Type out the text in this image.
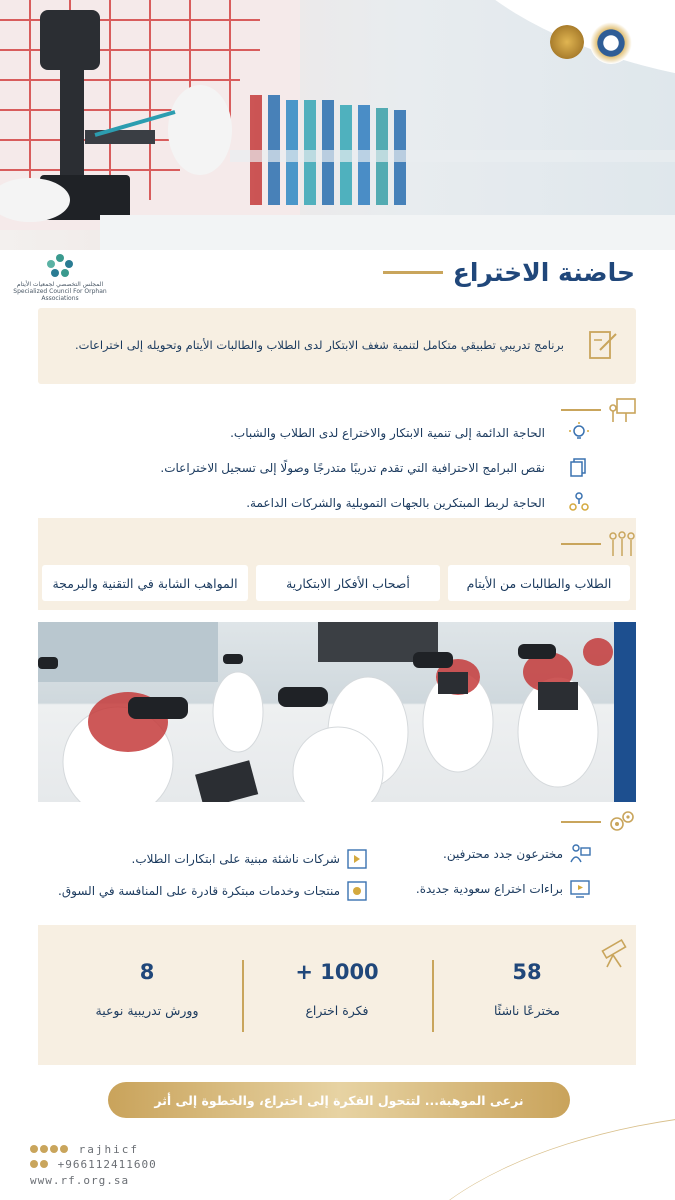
المجلس التخصصي لجمعيات الأيتام
Specialized Council For Orphan Associations
حاضنة الاختراع
برنامج تدريبي تطبيقي متكامل لتنمية شغف الابتكار لدى الطلاب والطالبات الأيتام وتحويله إلى اختراعات.
الحاجة الدائمة إلى تنمية الابتكار والاختراع لدى الطلاب والشباب.
نقص البرامج الاحترافية التي تقدم تدريبًا متدرجًا وصولًا إلى تسجيل الاختراعات.
الحاجة لربط المبتكرين بالجهات التمويلية والشركات الداعمة.
الطلاب والطالبات من الأيتام
أصحاب الأفكار الابتكارية
المواهب الشابة في التقنية والبرمجة
مخترعون جدد محترفين.
براءات اختراع سعودية جديدة.
شركات ناشئة مبنية على ابتكارات الطلاب.
منتجات وخدمات مبتكرة قادرة على المنافسة في السوق.
58
مخترعًا ناشئًا
+ 1000
فكرة اختراع
8
وورش تدريبية نوعية
نرعى الموهبة... لتتحول الفكرة إلى اختراع، والخطوة إلى أثر
rajhicf
+966112411600
www.rf.org.sa
